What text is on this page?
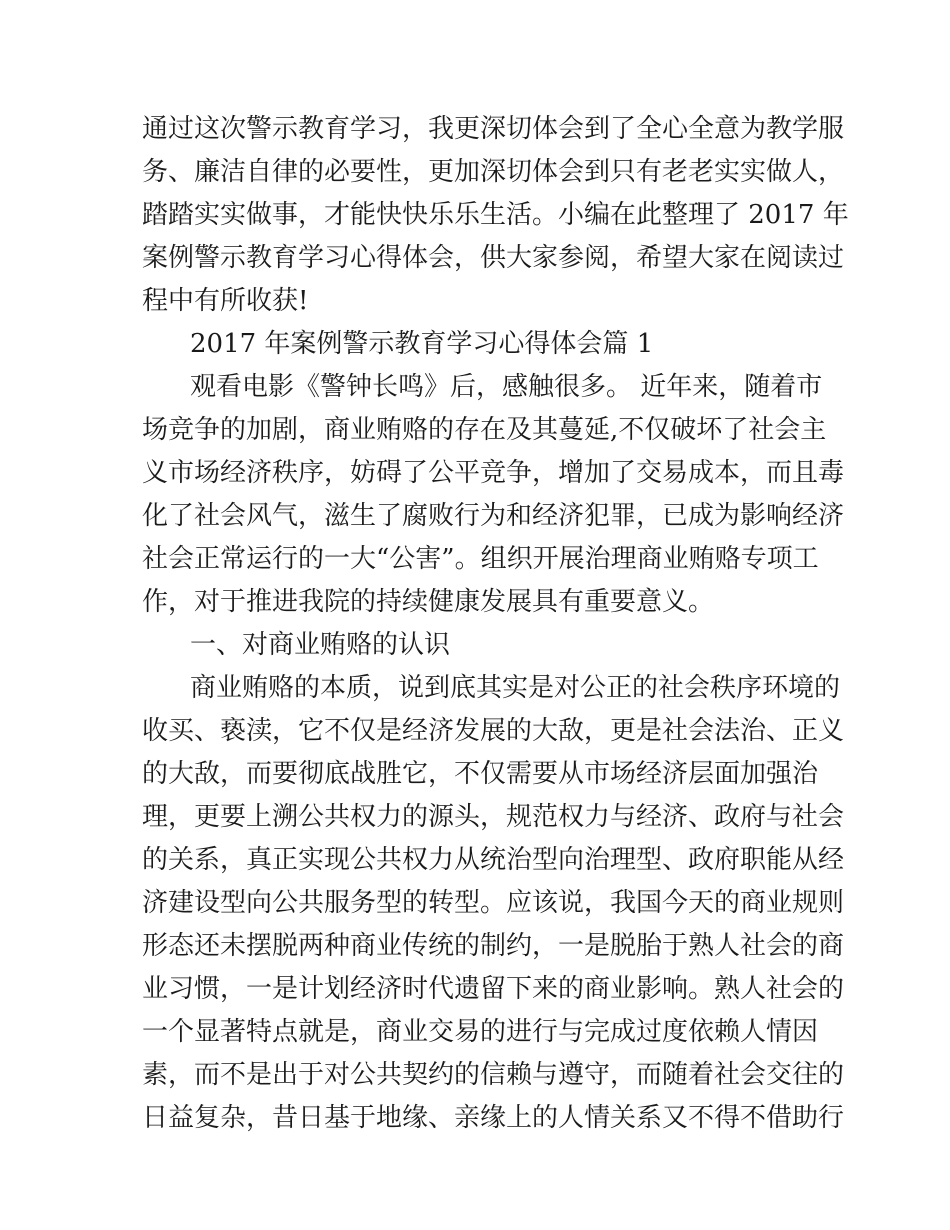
通过这次警示教育学习，我更深切体会到了全心全意为教学服

务、廉洁自律的必要性，更加深切体会到只有老老实实做人，

踏踏实实做事，才能快快乐乐生活。小编在此整理了 2017 年

案例警示教育学习心得体会，供大家参阅，希望大家在阅读过

程中有所收获!

2017 年案例警示教育学习心得体会篇 1

观看电影《警钟长鸣》后，感触很多。 近年来，随着市

场竞争的加剧，商业贿赂的存在及其蔓延,不仅破坏了社会主

义市场经济秩序，妨碍了公平竞争，增加了交易成本，而且毒

化了社会风气，滋生了腐败行为和经济犯罪，已成为影响经济

社会正常运行的一大“公害”。组织开展治理商业贿赂专项工

作，对于推进我院的持续健康发展具有重要意义。

一、对商业贿赂的认识

商业贿赂的本质，说到底其实是对公正的社会秩序环境的

收买、亵渎，它不仅是经济发展的大敌，更是社会法治、正义

的大敌，而要彻底战胜它，不仅需要从市场经济层面加强治

理，更要上溯公共权力的源头，规范权力与经济、政府与社会

的关系，真正实现公共权力从统治型向治理型、政府职能从经

济建设型向公共服务型的转型。应该说，我国今天的商业规则

形态还未摆脱两种商业传统的制约，一是脱胎于熟人社会的商

业习惯，一是计划经济时代遗留下来的商业影响。熟人社会的

一个显著特点就是，商业交易的进行与完成过度依赖人情因

素，而不是出于对公共契约的信赖与遵守，而随着社会交往的

日益复杂，昔日基于地缘、亲缘上的人情关系又不得不借助行
